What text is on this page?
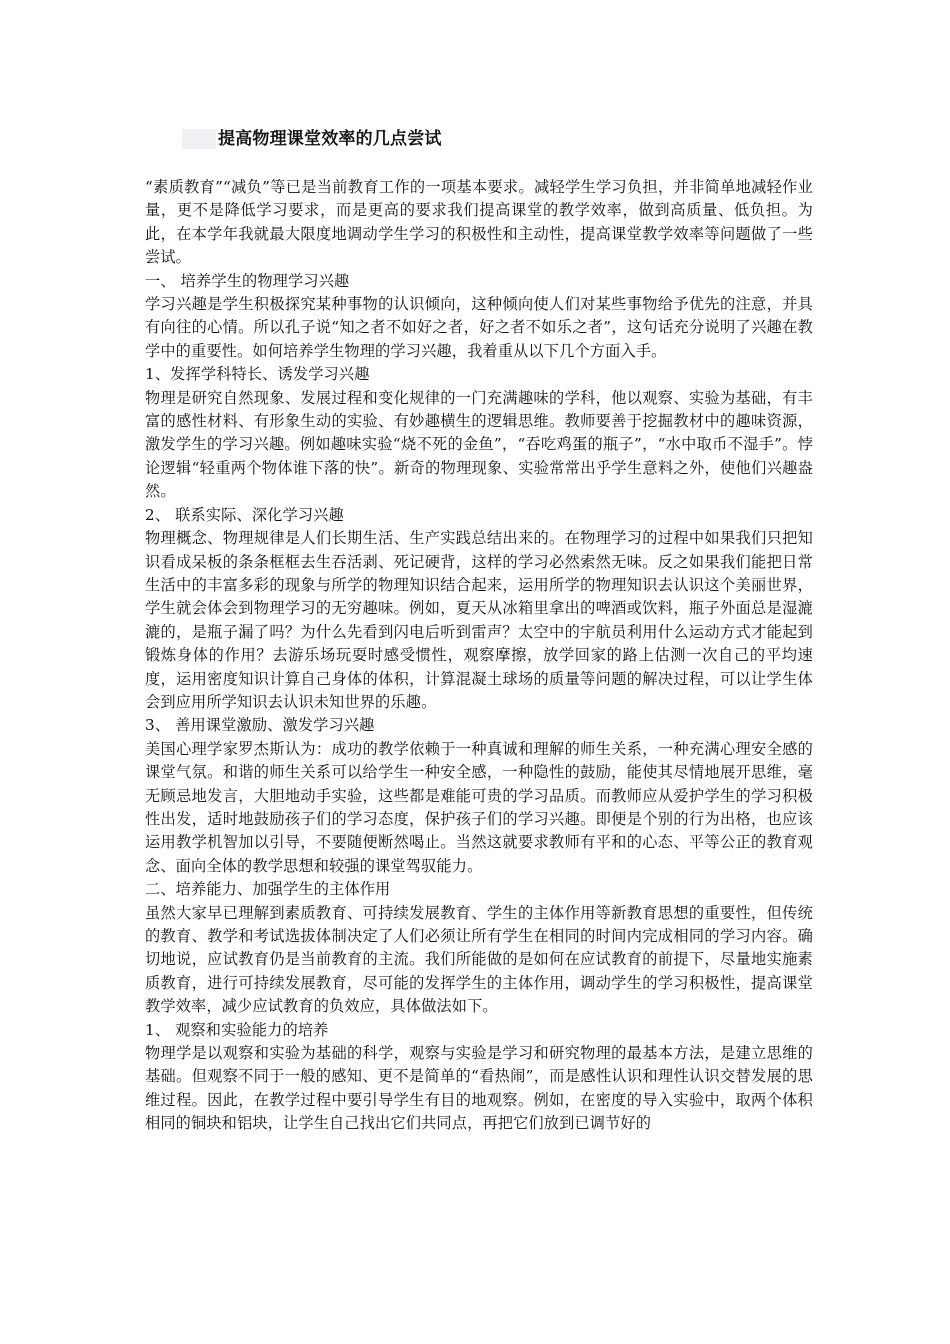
提高物理课堂效率的几点尝试

“素质教育”“减负”等已是当前教育工作的一项基本要求。减轻学生学习负担，并非简单地减轻作业量，更不是降低学习要求，而是更高的要求我们提高课堂的教学效率，做到高质量、低负担。为此，在本学年我就最大限度地调动学生学习的积极性和主动性，提高课堂教学效率等问题做了一些尝试。

一、 培养学生的物理学习兴趣

学习兴趣是学生积极探究某种事物的认识倾向，这种倾向使人们对某些事物给予优先的注意，并具有向往的心情。所以孔子说“知之者不如好之者，好之者不如乐之者”，这句话充分说明了兴趣在教学中的重要性。如何培养学生物理的学习兴趣，我着重从以下几个方面入手。

1、发挥学科特长、诱发学习兴趣

物理是研究自然现象、发展过程和变化规律的一门充满趣味的学科，他以观察、实验为基础，有丰富的感性材料、有形象生动的实验、有妙趣横生的逻辑思维。教师要善于挖掘教材中的趣味资源，激发学生的学习兴趣。例如趣味实验“烧不死的金鱼”，“吞吃鸡蛋的瓶子”，“水中取币不湿手”。悖论逻辑“轻重两个物体谁下落的快”。新奇的物理现象、实验常常出乎学生意料之外，使他们兴趣盎然。

2、 联系实际、深化学习兴趣

物理概念、物理规律是人们长期生活、生产实践总结出来的。在物理学习的过程中如果我们只把知识看成呆板的条条框框去生吞活剥、死记硬背，这样的学习必然索然无味。反之如果我们能把日常生活中的丰富多彩的现象与所学的物理知识结合起来，运用所学的物理知识去认识这个美丽世界，学生就会体会到物理学习的无穷趣味。例如，夏天从冰箱里拿出的啤酒或饮料，瓶子外面总是湿漉漉的，是瓶子漏了吗？为什么先看到闪电后听到雷声？太空中的宇航员利用什么运动方式才能起到锻炼身体的作用？去游乐场玩耍时感受惯性，观察摩擦，放学回家的路上估测一次自己的平均速度，运用密度知识计算自己身体的体积，计算混凝土球场的质量等问题的解决过程，可以让学生体会到应用所学知识去认识未知世界的乐趣。

3、 善用课堂激励、激发学习兴趣

美国心理学家罗杰斯认为：成功的教学依赖于一种真诚和理解的师生关系，一种充满心理安全感的课堂气氛。和谐的师生关系可以给学生一种安全感，一种隐性的鼓励，能使其尽情地展开思维，毫无顾忌地发言，大胆地动手实验，这些都是难能可贵的学习品质。而教师应从爱护学生的学习积极性出发，适时地鼓励孩子们的学习态度，保护孩子们的学习兴趣。即便是个别的行为出格，也应该运用教学机智加以引导，不要随便断然喝止。当然这就要求教师有平和的心态、平等公正的教育观念、面向全体的教学思想和较强的课堂驾驭能力。

二、培养能力、加强学生的主体作用

虽然大家早已理解到素质教育、可持续发展教育、学生的主体作用等新教育思想的重要性，但传统的教育、教学和考试选拔体制决定了人们必须让所有学生在相同的时间内完成相同的学习内容。确切地说，应试教育仍是当前教育的主流。我们所能做的是如何在应试教育的前提下，尽量地实施素质教育，进行可持续发展教育，尽可能的发挥学生的主体作用，调动学生的学习积极性，提高课堂教学效率，减少应试教育的负效应，具体做法如下。

1、 观察和实验能力的培养

物理学是以观察和实验为基础的科学，观察与实验是学习和研究物理的最基本方法，是建立思维的基础。但观察不同于一般的感知、更不是简单的“看热闹”，而是感性认识和理性认识交替发展的思维过程。因此，在教学过程中要引导学生有目的地观察。例如，在密度的导入实验中，取两个体积相同的铜块和铝块，让学生自己找出它们共同点，再把它们放到已调节好的
